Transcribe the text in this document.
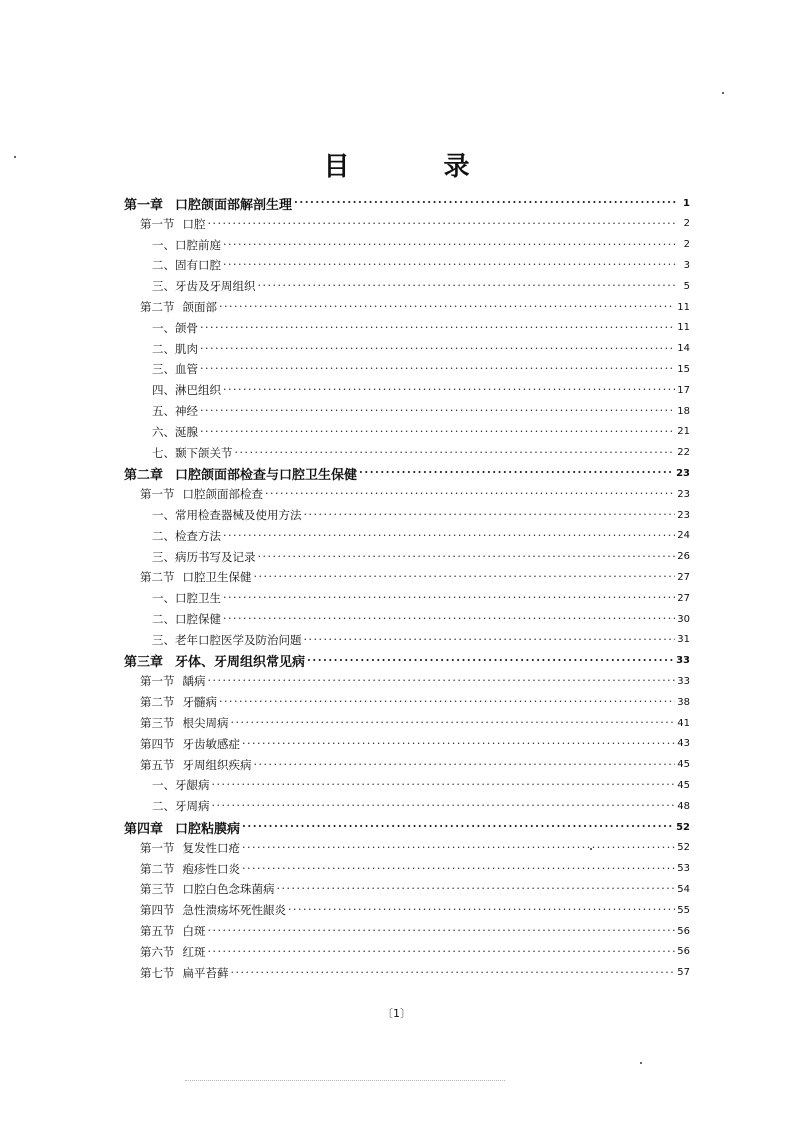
目　录
第一章 口腔颌面部解剖生理 ·····	1
第一节 口腔 ·····	2
一、口腔前庭 ·····	2
二、固有口腔 ·····	3
三、牙齿及牙周组织 ·····	5
第二节 颌面部 ·····	11
一、颌骨 ·····	11
二、肌肉 ·····	14
三、血管 ·····	15
四、淋巴组织 ·····	17
五、神经 ·····	18
六、涎腺 ·····	21
七、颞下颌关节 ·····	22
第二章 口腔颌面部检查与口腔卫生保健 ·····	23
第一节 口腔颌面部检查 ·····	23
一、常用检查器械及使用方法 ·····	23
二、检查方法 ·····	24
三、病历书写及记录 ·····	26
第二节 口腔卫生保健 ·····	27
一、口腔卫生 ·····	27
二、口腔保健 ·····	30
三、老年口腔医学及防治问题 ·····	31
第三章 牙体、牙周组织常见病 ·····	33
第一节 龋病 ·····	33
第二节 牙髓病 ·····	38
第三节 根尖周病 ·····	41
第四节 牙齿敏感症 ·····	43
第五节 牙周组织疾病 ·····	45
一、牙龈病 ·····	45
二、牙周病 ·····	48
第四章 口腔粘膜病 ·····	52
第一节 复发性口疮 ·····	52
第二节 疱疹性口炎 ·····	53
第三节 口腔白色念珠菌病 ·····	54
第四节 急性溃疡坏死性龈炎 ·····	55
第五节 白斑 ·····	56
第六节 红斑 ·····	56
第七节 扁平苔藓 ·····	57
〔1〕
